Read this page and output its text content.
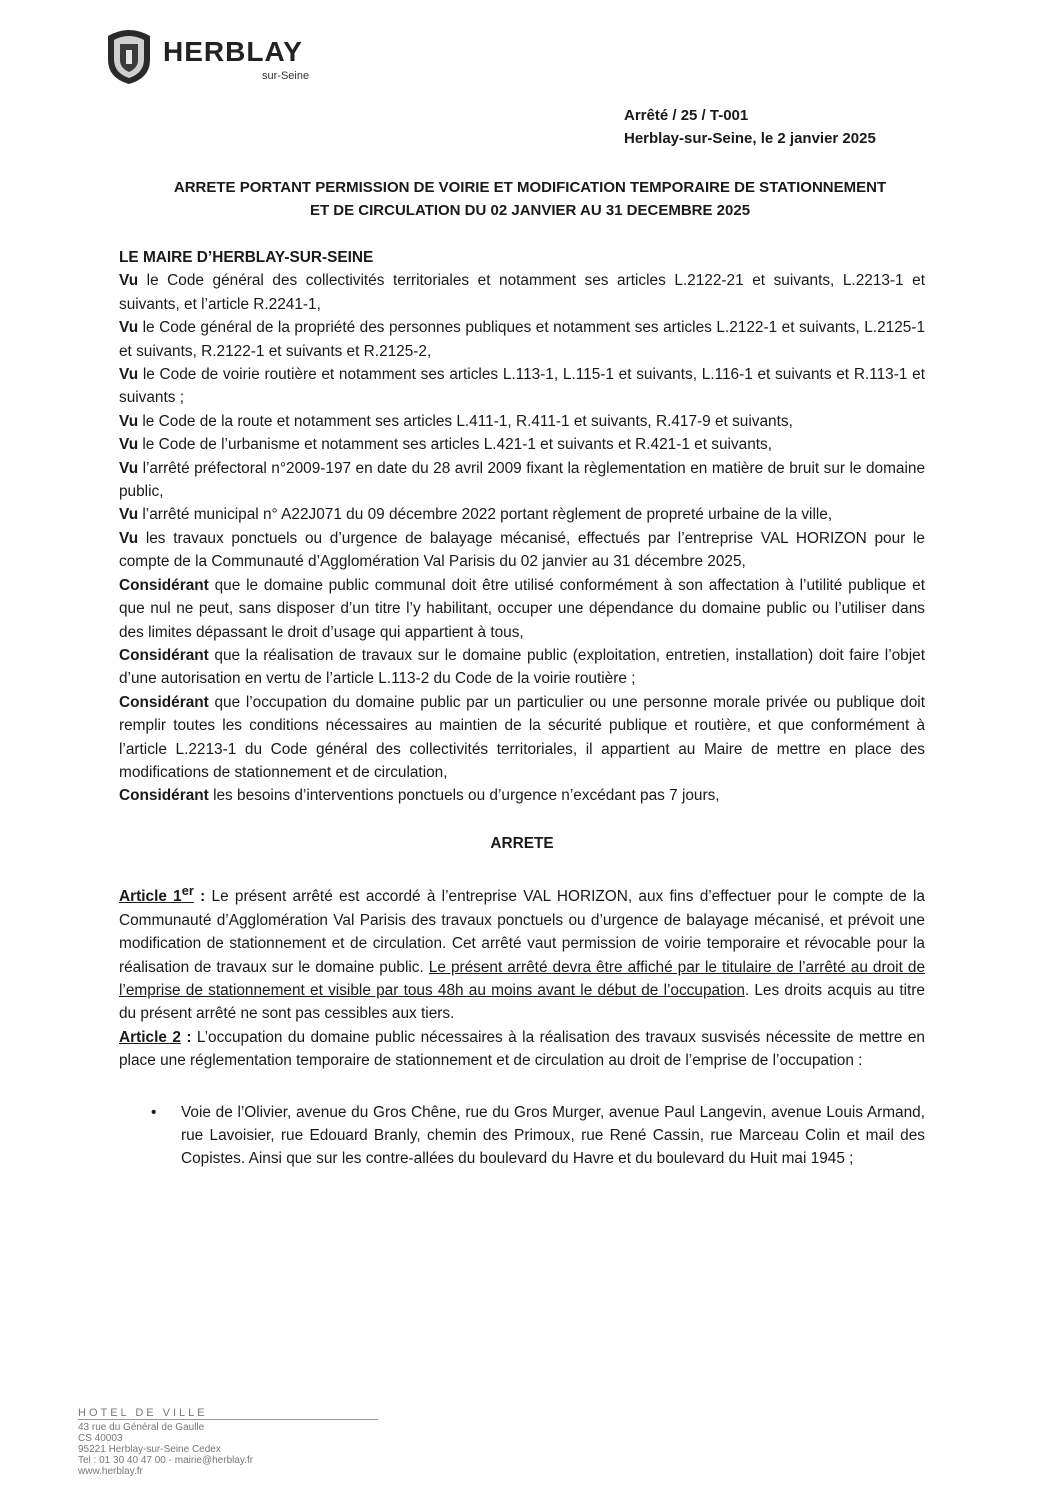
HERBLAY
sur-Seine
Arrêté / 25 / T-001
Herblay-sur-Seine, le 2 janvier 2025
ARRETE PORTANT PERMISSION DE VOIRIE ET MODIFICATION TEMPORAIRE DE STATIONNEMENT
ET DE CIRCULATION DU 02 JANVIER AU 31 DECEMBRE 2025

LE MAIRE D’HERBLAY-SUR-SEINE

Vu le Code général des collectivités territoriales et notamment ses articles L.2122-21 et suivants, L.2213-1 et suivants, et l’article R.2241-1,

Vu le Code général de la propriété des personnes publiques et notamment ses articles L.2122-1 et suivants, L.2125-1 et suivants, R.2122-1 et suivants et R.2125-2,

Vu le Code de voirie routière et notamment ses articles L.113-1, L.115-1 et suivants, L.116-1 et suivants et R.113-1 et suivants ;

Vu le Code de la route et notamment ses articles L.411-1, R.411-1 et suivants, R.417-9 et suivants,

Vu le Code de l’urbanisme et notamment ses articles L.421-1 et suivants et R.421-1 et suivants,

Vu l’arrêté préfectoral n°2009-197 en date du 28 avril 2009 fixant la règlementation en matière de bruit sur le domaine public,

Vu l’arrêté municipal n° A22J071 du 09 décembre 2022 portant règlement de propreté urbaine de la ville,

Vu les travaux ponctuels ou d’urgence de balayage mécanisé, effectués par l’entreprise VAL HORIZON pour le compte de la Communauté d’Agglomération Val Parisis du 02 janvier au 31 décembre 2025,

Considérant que le domaine public communal doit être utilisé conformément à son affectation à l’utilité publique et que nul ne peut, sans disposer d’un titre l’y habilitant, occuper une dépendance du domaine public ou l’utiliser dans des limites dépassant le droit d’usage qui appartient à tous,

Considérant que la réalisation de travaux sur le domaine public (exploitation, entretien, installation) doit faire l’objet d’une autorisation en vertu de l’article L.113-2 du Code de la voirie routière ;

Considérant que l’occupation du domaine public par un particulier ou une personne morale privée ou publique doit remplir toutes les conditions nécessaires au maintien de la sécurité publique et routière, et que conformément à l’article L.2213-1 du Code général des collectivités territoriales, il appartient au Maire de mettre en place des modifications de stationnement et de circulation,

Considérant les besoins d’interventions ponctuels ou d’urgence n’excédant pas 7 jours,

ARRETE

Article 1er : Le présent arrêté est accordé à l’entreprise VAL HORIZON, aux fins d’effectuer pour le compte de la Communauté d’Agglomération Val Parisis des travaux ponctuels ou d’urgence de balayage mécanisé, et prévoit une modification de stationnement et de circulation. Cet arrêté vaut permission de voirie temporaire et révocable pour la réalisation de travaux sur le domaine public. Le présent arrêté devra être affiché par le titulaire de l’arrêté au droit de l’emprise de stationnement et visible par tous 48h au moins avant le début de l’occupation. Les droits acquis au titre du présent arrêté ne sont pas cessibles aux tiers.

Article 2 : L’occupation du domaine public nécessaires à la réalisation des travaux susvisés nécessite de mettre en place une réglementation temporaire de stationnement et de circulation au droit de l’emprise de l’occupation :

• Voie de l’Olivier, avenue du Gros Chêne, rue du Gros Murger, avenue Paul Langevin, avenue Louis Armand, rue Lavoisier, rue Edouard Branly, chemin des Primoux, rue René Cassin, rue Marceau Colin et mail des Copistes. Ainsi que sur les contre-allées du boulevard du Havre et du boulevard du Huit mai 1945 ;
HOTEL DE VILLE
43 rue du Général de Gaulle
CS 40003
95221 Herblay-sur-Seine Cedex
Tel : 01 30 40 47 00 - mairie@herblay.fr
www.herblay.fr
